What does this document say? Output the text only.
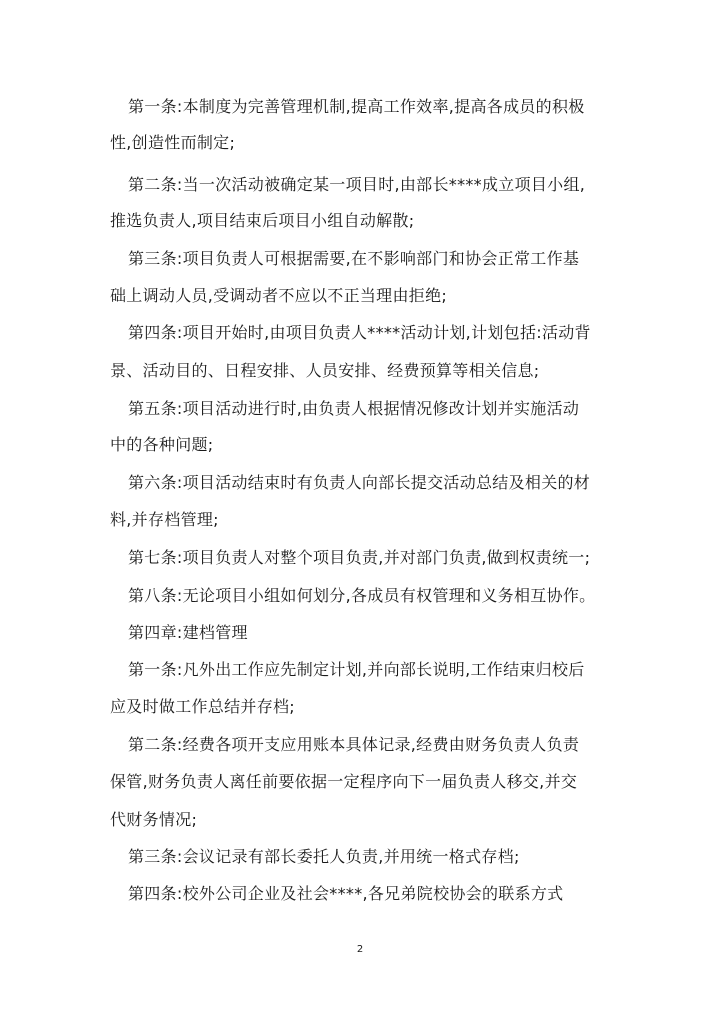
第一条:本制度为完善管理机制,提高工作效率,提高各成员的积极
性,创造性而制定;
第二条:当一次活动被确定某一项目时,由部长****成立项目小组,
推选负责人,项目结束后项目小组自动解散;
第三条:项目负责人可根据需要,在不影响部门和协会正常工作基
础上调动人员,受调动者不应以不正当理由拒绝;
第四条:项目开始时,由项目负责人****活动计划,计划包括:活动背
景、活动目的、日程安排、人员安排、经费预算等相关信息;
第五条:项目活动进行时,由负责人根据情况修改计划并实施活动
中的各种问题;
第六条:项目活动结束时有负责人向部长提交活动总结及相关的材
料,并存档管理;
第七条:项目负责人对整个项目负责,并对部门负责,做到权责统一;
第八条:无论项目小组如何划分,各成员有权管理和义务相互协作。
第四章:建档管理
第一条:凡外出工作应先制定计划,并向部长说明,工作结束归校后
应及时做工作总结并存档;
第二条:经费各项开支应用账本具体记录,经费由财务负责人负责
保管,财务负责人离任前要依据一定程序向下一届负责人移交,并交
代财务情况;
第三条:会议记录有部长委托人负责,并用统一格式存档;
第四条:校外公司企业及社会****,各兄弟院校协会的联系方式
2
